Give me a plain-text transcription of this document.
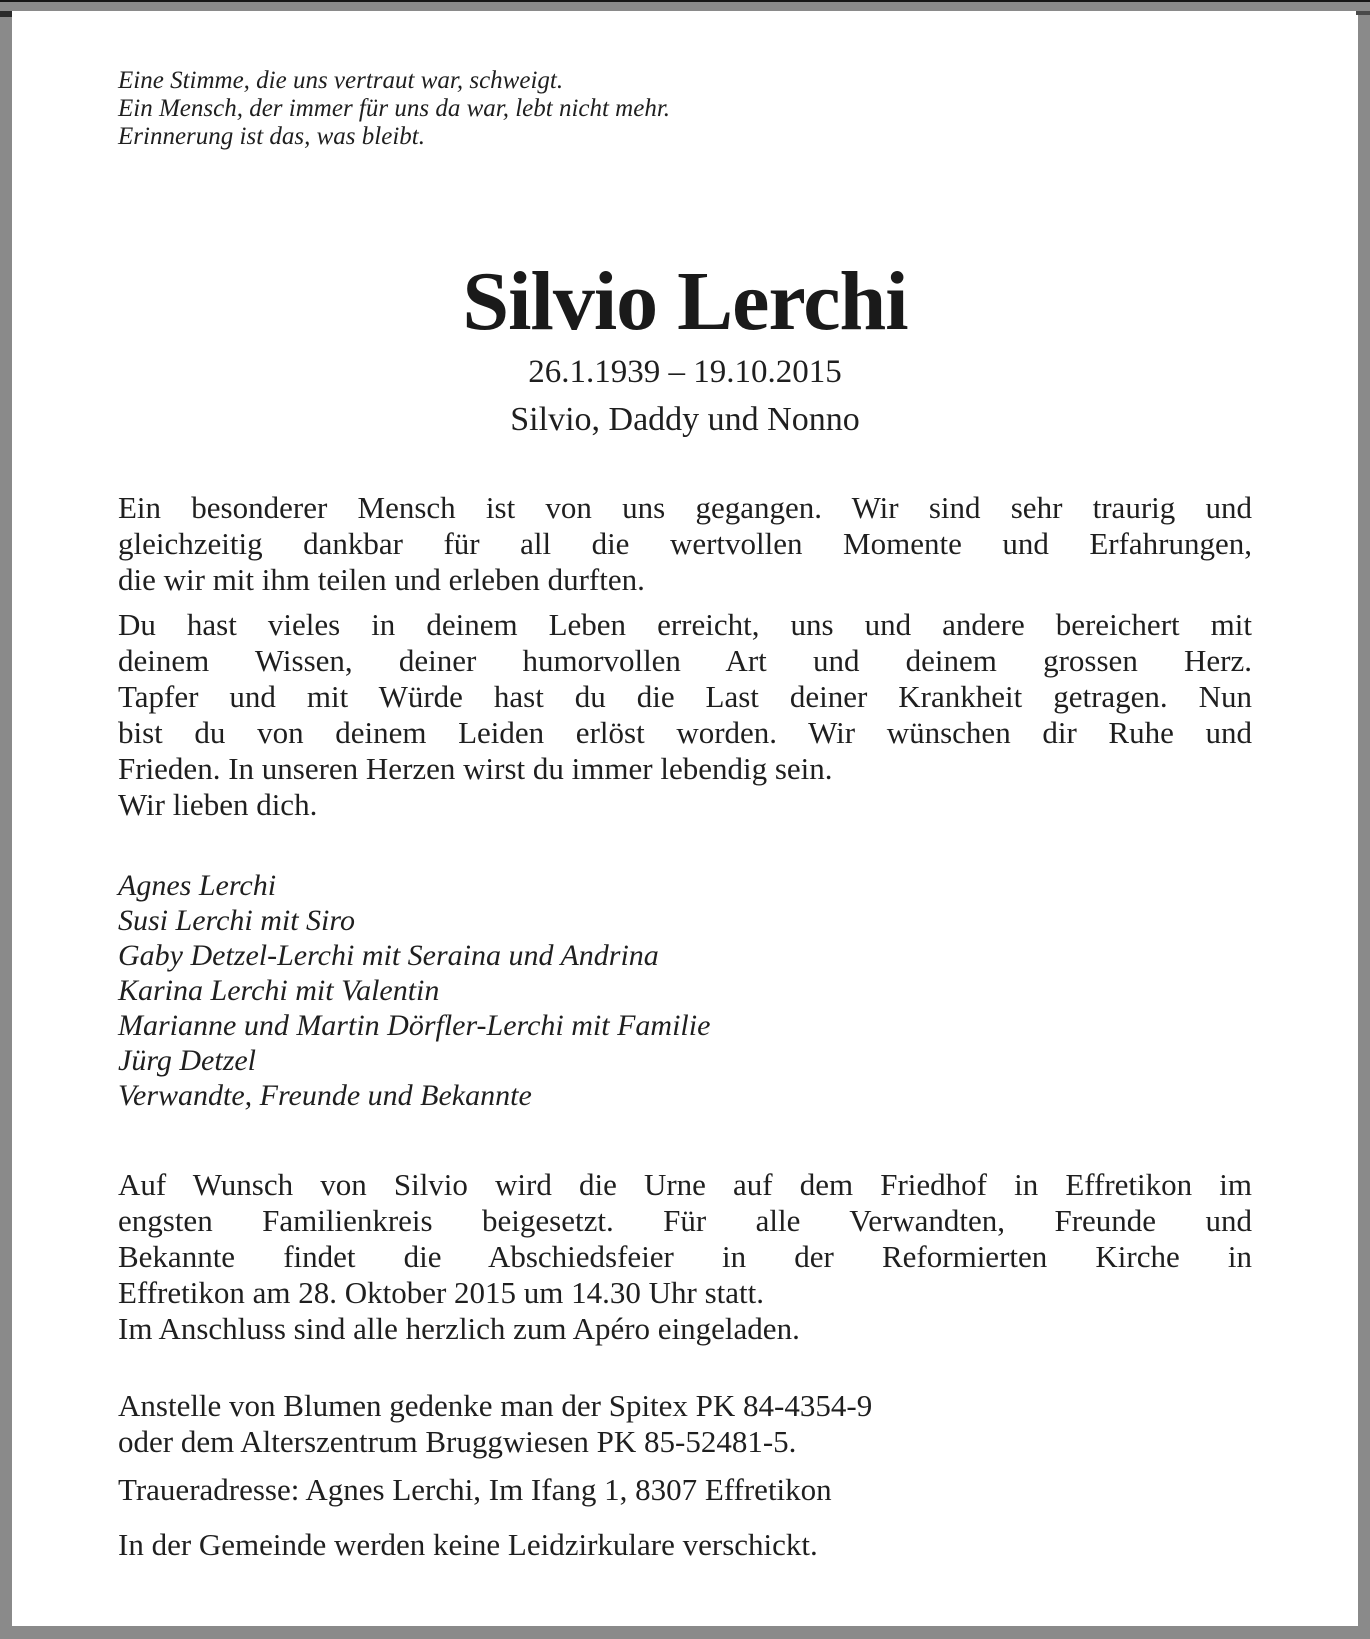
Eine Stimme, die uns vertraut war, schweigt.
Ein Mensch, der immer für uns da war, lebt nicht mehr.
Erinnerung ist das, was bleibt.
Silvio Lerchi
26.1.1939 – 19.10.2015
Silvio, Daddy und Nonno
Ein besonderer Mensch ist von uns gegangen. Wir sind sehr traurig und
gleichzeitig dankbar für all die wertvollen Momente und Erfahrungen,
die wir mit ihm teilen und erleben durften.
Du hast vieles in deinem Leben erreicht, uns und andere bereichert mit
deinem Wissen, deiner humorvollen Art und deinem grossen Herz.
Tapfer und mit Würde hast du die Last deiner Krankheit getragen. Nun
bist du von deinem Leiden erlöst worden. Wir wünschen dir Ruhe und
Frieden. In unseren Herzen wirst du immer lebendig sein.
Wir lieben dich.
Agnes Lerchi
Susi Lerchi mit Siro
Gaby Detzel-Lerchi mit Seraina und Andrina
Karina Lerchi mit Valentin
Marianne und Martin Dörfler-Lerchi mit Familie
Jürg Detzel
Verwandte, Freunde und Bekannte
Auf Wunsch von Silvio wird die Urne auf dem Friedhof in Effretikon im
engsten Familienkreis beigesetzt. Für alle Verwandten, Freunde und
Bekannte findet die Abschiedsfeier in der Reformierten Kirche in
Effretikon am 28. Oktober 2015 um 14.30 Uhr statt.
Im Anschluss sind alle herzlich zum Apéro eingeladen.
Anstelle von Blumen gedenke man der Spitex PK 84-4354-9
oder dem Alterszentrum Bruggwiesen PK 85-52481-5.
Traueradresse: Agnes Lerchi, Im Ifang 1, 8307 Effretikon
In der Gemeinde werden keine Leidzirkulare verschickt.
